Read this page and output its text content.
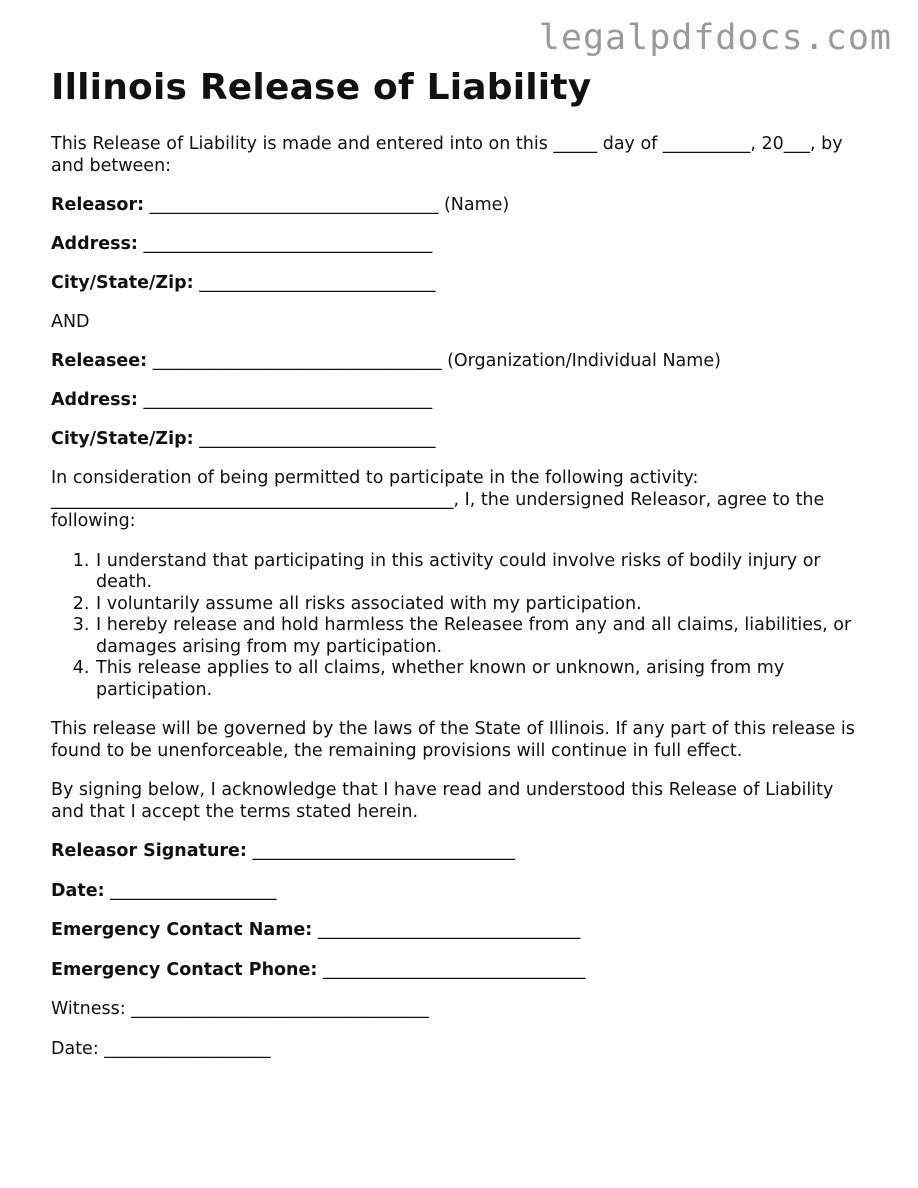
legalpdfdocs.com

Illinois Release of Liability

This Release of Liability is made and entered into on this _____ day of __________, 20___, by and between:

Releasor: _________________________________ (Name)

Address: _________________________________

City/State/Zip: ___________________________

AND

Releasee: _________________________________ (Organization/Individual Name)

Address: _________________________________

City/State/Zip: ___________________________

In consideration of being permitted to participate in the following activity: ______________________________________________, I, the undersigned Releasor, agree to the following:

1. I understand that participating in this activity could involve risks of bodily injury or death.
2. I voluntarily assume all risks associated with my participation.
3. I hereby release and hold harmless the Releasee from any and all claims, liabilities, or damages arising from my participation.
4. This release applies to all claims, whether known or unknown, arising from my participation.

This release will be governed by the laws of the State of Illinois. If any part of this release is found to be unenforceable, the remaining provisions will continue in full effect.

By signing below, I acknowledge that I have read and understood this Release of Liability and that I accept the terms stated herein.

Releasor Signature: ______________________________

Date: ___________________

Emergency Contact Name: ______________________________

Emergency Contact Phone: ______________________________

Witness: __________________________________

Date: ___________________
